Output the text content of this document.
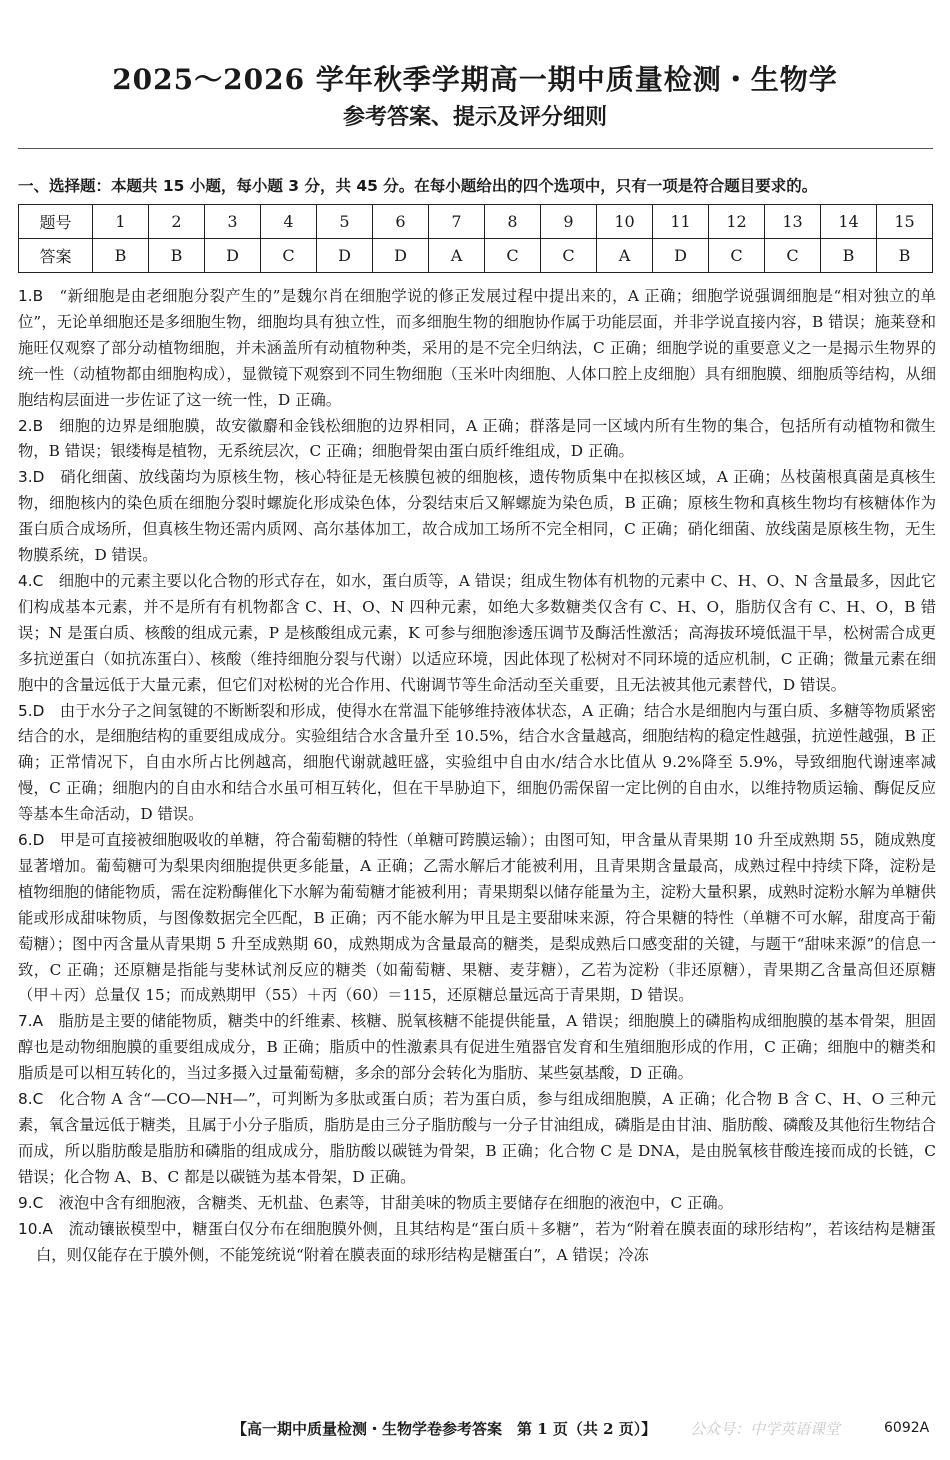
2025～2026 学年秋季学期高一期中质量检测・生物学
参考答案、提示及评分细则
一、选择题：本题共 15 小题，每小题 3 分，共 45 分。在每小题给出的四个选项中，只有一项是符合题目要求的。
题号	1	2	3	4	5	6	7	8	9	10	11	12	13	14	15
答案	B	B	D	C	D	D	A	C	C	A	D	C	C	B	B

1.B　 “新细胞是由老细胞分裂产生的”是魏尔肖在细胞学说的修正发展过程中提出来的，A 正确；细胞学说强调细胞是“相对独立的单位”，无论单细胞还是多细胞生物，细胞均具有独立性，而多细胞生物的细胞协作属于功能层面，并非学说直接内容，B 错误；施莱登和施旺仅观察了部分动植物细胞，并未涵盖所有动植物种类，采用的是不完全归纳法，C 正确；细胞学说的重要意义之一是揭示生物界的统一性（动植物都由细胞构成），显微镜下观察到不同生物细胞（玉米叶肉细胞、人体口腔上皮细胞）具有细胞膜、细胞质等结构，从细胞结构层面进一步佐证了这一统一性，D 正确。

2.B　 细胞的边界是细胞膜，故安徽麝和金钱松细胞的边界相同，A 正确；群落是同一区域内所有生物的集合，包括所有动植物和微生物，B 错误；银缕梅是植物，无系统层次，C 正确；细胞骨架由蛋白质纤维组成，D 正确。

3.D　 硝化细菌、放线菌均为原核生物，核心特征是无核膜包被的细胞核，遗传物质集中在拟核区域，A 正确；丛枝菌根真菌是真核生物，细胞核内的染色质在细胞分裂时螺旋化形成染色体，分裂结束后又解螺旋为染色质，B 正确；原核生物和真核生物均有核糖体作为蛋白质合成场所，但真核生物还需内质网、高尔基体加工，故合成加工场所不完全相同，C 正确；硝化细菌、放线菌是原核生物，无生物膜系统，D 错误。

4.C　 细胞中的元素主要以化合物的形式存在，如水，蛋白质等，A 错误；组成生物体有机物的元素中 C、H、O、N 含量最多，因此它们构成基本元素，并不是所有有机物都含 C、H、O、N 四种元素，如绝大多数糖类仅含有 C、H、O，脂肪仅含有 C、H、O，B 错误；N 是蛋白质、核酸的组成元素，P 是核酸组成元素，K 可参与细胞渗透压调节及酶活性激活；高海拔环境低温干旱，松树需合成更多抗逆蛋白（如抗冻蛋白）、核酸（维持细胞分裂与代谢）以适应环境，因此体现了松树对不同环境的适应机制，C 正确；微量元素在细胞中的含量远低于大量元素，但它们对松树的光合作用、代谢调节等生命活动至关重要，且无法被其他元素替代，D 错误。

5.D　 由于水分子之间氢键的不断断裂和形成，使得水在常温下能够维持液体状态，A 正确；结合水是细胞内与蛋白质、多糖等物质紧密结合的水，是细胞结构的重要组成成分。实验组结合水含量升至 10.5%，结合水含量越高，细胞结构的稳定性越强，抗逆性越强，B 正确；正常情况下，自由水所占比例越高，细胞代谢就越旺盛，实验组中自由水/结合水比值从 9.2%降至 5.9%，导致细胞代谢速率减慢，C 正确；细胞内的自由水和结合水虽可相互转化，但在干旱胁迫下，细胞仍需保留一定比例的自由水，以维持物质运输、酶促反应等基本生命活动，D 错误。

6.D　 甲是可直接被细胞吸收的单糖，符合葡萄糖的特性（单糖可跨膜运输）；由图可知，甲含量从青果期 10 升至成熟期 55，随成熟度显著增加。葡萄糖可为梨果肉细胞提供更多能量，A 正确；乙需水解后才能被利用，且青果期含量最高，成熟过程中持续下降，淀粉是植物细胞的储能物质，需在淀粉酶催化下水解为葡萄糖才能被利用；青果期梨以储存能量为主，淀粉大量积累，成熟时淀粉水解为单糖供能或形成甜味物质，与图像数据完全匹配，B 正确；丙不能水解为甲且是主要甜味来源，符合果糖的特性（单糖不可水解，甜度高于葡萄糖）；图中丙含量从青果期 5 升至成熟期 60，成熟期成为含量最高的糖类，是梨成熟后口感变甜的关键，与题干“甜味来源”的信息一致，C 正确；还原糖是指能与斐林试剂反应的糖类（如葡萄糖、果糖、麦芽糖），乙若为淀粉（非还原糖），青果期乙含量高但还原糖（甲＋丙）总量仅 15；而成熟期甲（55）＋丙（60）＝115，还原糖总量远高于青果期，D 错误。

7.A　 脂肪是主要的储能物质，糖类中的纤维素、核糖、脱氧核糖不能提供能量，A 错误；细胞膜上的磷脂构成细胞膜的基本骨架，胆固醇也是动物细胞膜的重要组成成分，B 正确；脂质中的性激素具有促进生殖器官发育和生殖细胞形成的作用，C 正确；细胞中的糖类和脂质是可以相互转化的，当过多摄入过量葡萄糖，多余的部分会转化为脂肪、某些氨基酸，D 正确。

8.C　 化合物 A 含“—CO—NH—”，可判断为多肽或蛋白质；若为蛋白质，参与组成细胞膜，A 正确；化合物 B 含 C、H、O 三种元素，氧含量远低于糖类，且属于小分子脂质，脂肪是由三分子脂肪酸与一分子甘油组成，磷脂是由甘油、脂肪酸、磷酸及其他衍生物结合而成，所以脂肪酸是脂肪和磷脂的组成成分，脂肪酸以碳链为骨架，B 正确；化合物 C 是 DNA，是由脱氧核苷酸连接而成的长链，C 错误；化合物 A、B、C 都是以碳链为基本骨架，D 正确。

9.C　 液泡中含有细胞液，含糖类、无机盐、色素等，甘甜美味的物质主要储存在细胞的液泡中，C 正确。

10.A　 流动镶嵌模型中，糖蛋白仅分布在细胞膜外侧，且其结构是“蛋白质＋多糖”，若为“附着在膜表面的球形结构”，若该结构是糖蛋白，则仅能存在于膜外侧，不能笼统说“附着在膜表面的球形结构是糖蛋白”，A 错误；冷冻

【高一期中质量检测・生物学卷参考答案　第 1 页（共 2 页）】 公众号：中学英语课堂	6092A
